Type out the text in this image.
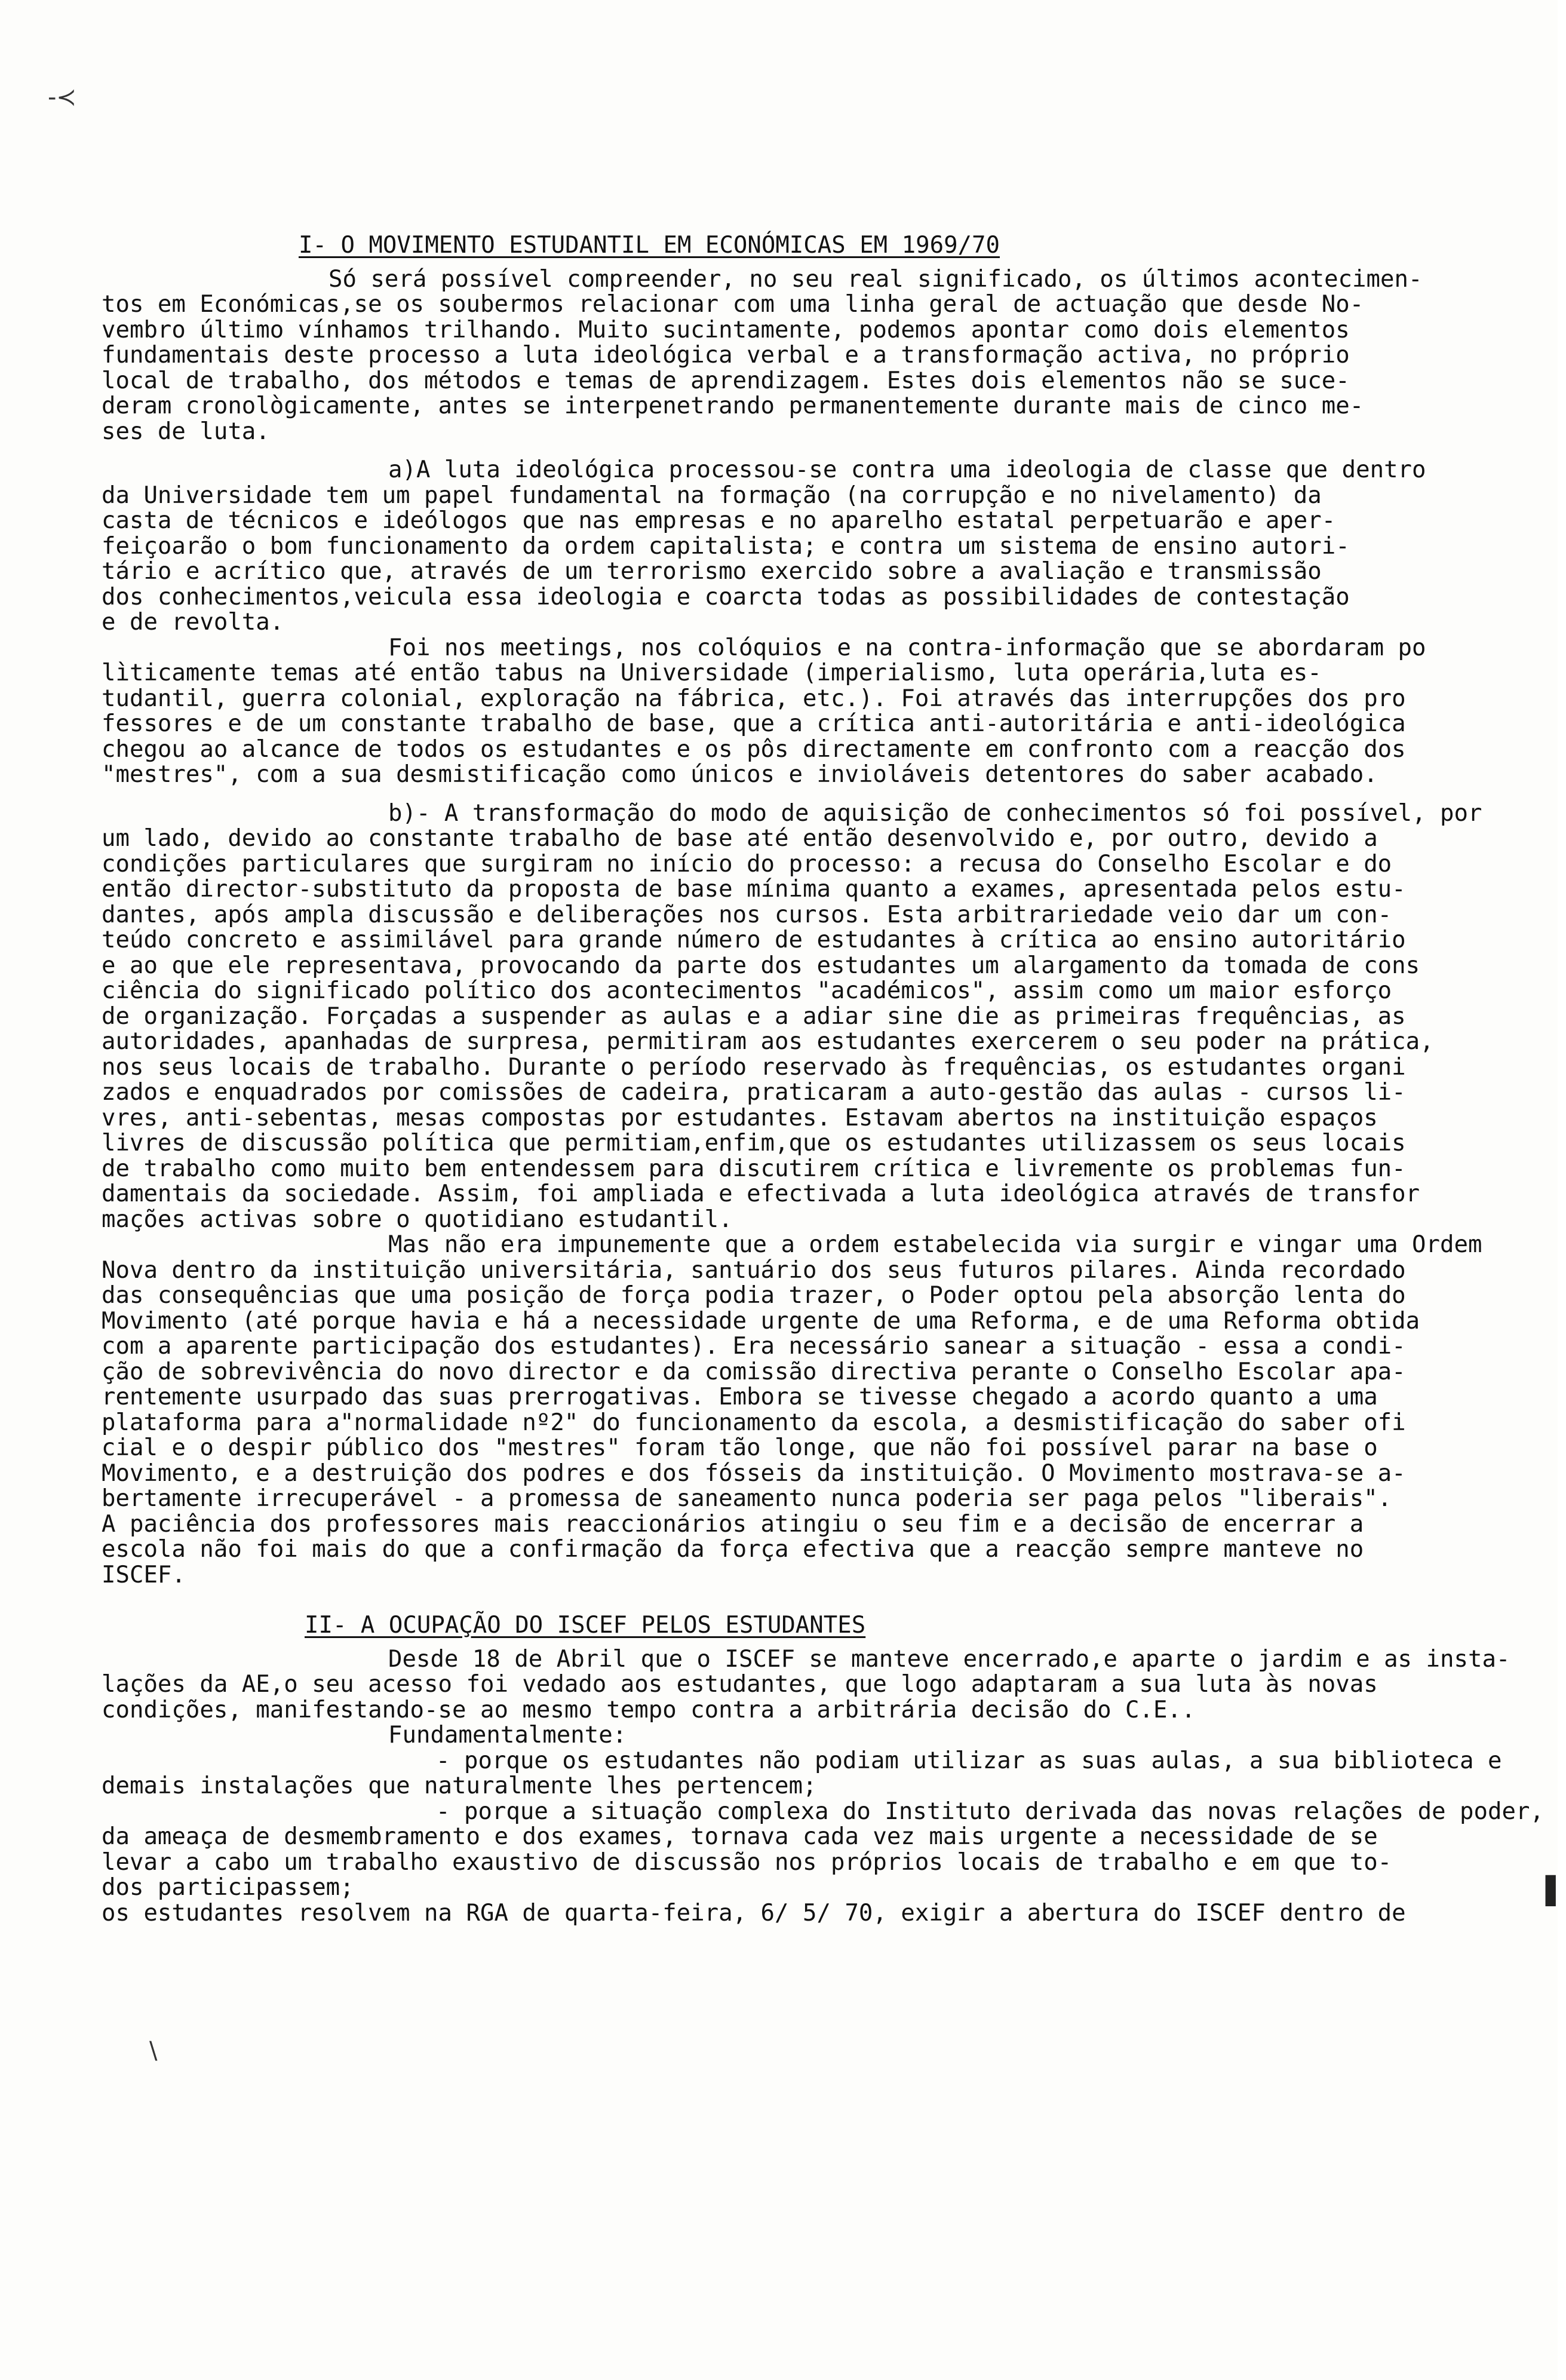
-≺
\
▌
I- O MOVIMENTO ESTUDANTIL EM ECONÓMICAS EM 1969/70
Só será possível compreender, no seu real significado, os últimos acontecimen-
tos em Económicas,se os soubermos relacionar com uma linha geral de actuação que desde No-
vembro último vínhamos trilhando. Muito sucintamente, podemos apontar como dois elementos
fundamentais deste processo a luta ideológica verbal e a transformação activa, no próprio
local de trabalho, dos métodos e temas de aprendizagem. Estes dois elementos não se suce-
deram cronològicamente, antes se interpenetrando permanentemente durante mais de cinco me-
ses de luta.
a)A luta ideológica processou-se contra uma ideologia de classe que dentro
da Universidade tem um papel fundamental na formação (na corrupção e no nivelamento) da
casta de técnicos e ideólogos que nas empresas e no aparelho estatal perpetuarão e aper-
feiçoarão o bom funcionamento da ordem capitalista; e contra um sistema de ensino autori-
tário e acrítico que, através de um terrorismo exercido sobre a avaliação e transmissão
dos conhecimentos,veicula essa ideologia e coarcta todas as possibilidades de contestação
e de revolta.
Foi nos meetings, nos colóquios e na contra-informação que se abordaram po
lìticamente temas até então tabus na Universidade (imperialismo, luta operária,luta es-
tudantil, guerra colonial, exploração na fábrica, etc.). Foi através das interrupções dos pro
fessores e de um constante trabalho de base, que a crítica anti-autoritária e anti-ideológica
chegou ao alcance de todos os estudantes e os pôs directamente em confronto com a reacção dos
"mestres", com a sua desmistificação como únicos e invioláveis detentores do saber acabado.
b)- A transformação do modo de aquisição de conhecimentos só foi possível, por
um lado, devido ao constante trabalho de base até então desenvolvido e, por outro, devido a
condições particulares que surgiram no início do processo: a recusa do Conselho Escolar e do
então director-substituto da proposta de base mínima quanto a exames, apresentada pelos estu-
dantes, após ampla discussão e deliberações nos cursos. Esta arbitrariedade veio dar um con-
teúdo concreto e assimilável para grande número de estudantes à crítica ao ensino autoritário
e ao que ele representava, provocando da parte dos estudantes um alargamento da tomada de cons
ciência do significado político dos acontecimentos "académicos", assim como um maior esforço
de organização. Forçadas a suspender as aulas e a adiar sine die as primeiras frequências, as
autoridades, apanhadas de surpresa, permitiram aos estudantes exercerem o seu poder na prática,
nos seus locais de trabalho. Durante o período reservado às frequências, os estudantes organi
zados e enquadrados por comissões de cadeira, praticaram a auto-gestão das aulas - cursos li-
vres, anti-sebentas, mesas compostas por estudantes. Estavam abertos na instituição espaços
livres de discussão política que permitiam,enfim,que os estudantes utilizassem os seus locais
de trabalho como muito bem entendessem para discutirem crítica e livremente os problemas fun-
damentais da sociedade. Assim, foi ampliada e efectivada a luta ideológica através de transfor
mações activas sobre o quotidiano estudantil.
Mas não era impunemente que a ordem estabelecida via surgir e vingar uma Ordem
Nova dentro da instituição universitária, santuário dos seus futuros pilares. Ainda recordado
das consequências que uma posição de força podia trazer, o Poder optou pela absorção lenta do
Movimento (até porque havia e há a necessidade urgente de uma Reforma, e de uma Reforma obtida
com a aparente participação dos estudantes). Era necessário sanear a situação - essa a condi-
ção de sobrevivência do novo director e da comissão directiva perante o Conselho Escolar apa-
rentemente usurpado das suas prerrogativas. Embora se tivesse chegado a acordo quanto a uma
plataforma para a"normalidade nº2" do funcionamento da escola, a desmistificação do saber ofi
cial e o despir público dos "mestres" foram tão longe, que não foi possível parar na base o
Movimento, e a destruição dos podres e dos fósseis da instituição. O Movimento mostrava-se a-
bertamente irrecuperável - a promessa de saneamento nunca poderia ser paga pelos "liberais".
A paciência dos professores mais reaccionários atingiu o seu fim e a decisão de encerrar a
escola não foi mais do que a confirmação da força efectiva que a reacção sempre manteve no
ISCEF.
II- A OCUPAÇÃO DO ISCEF PELOS ESTUDANTES
Desde 18 de Abril que o ISCEF se manteve encerrado,e aparte o jardim e as insta-
lações da AE,o seu acesso foi vedado aos estudantes, que logo adaptaram a sua luta às novas
condições, manifestando-se ao mesmo tempo contra a arbitrária decisão do C.E..
Fundamentalmente:
- porque os estudantes não podiam utilizar as suas aulas, a sua biblioteca e
demais instalações que naturalmente lhes pertencem;
- porque a situação complexa do Instituto derivada das novas relações de poder,
da ameaça de desmembramento e dos exames, tornava cada vez mais urgente a necessidade de se
levar a cabo um trabalho exaustivo de discussão nos próprios locais de trabalho e em que to-
dos participassem;
os estudantes resolvem na RGA de quarta-feira, 6/ 5/ 70, exigir a abertura do ISCEF dentro de
